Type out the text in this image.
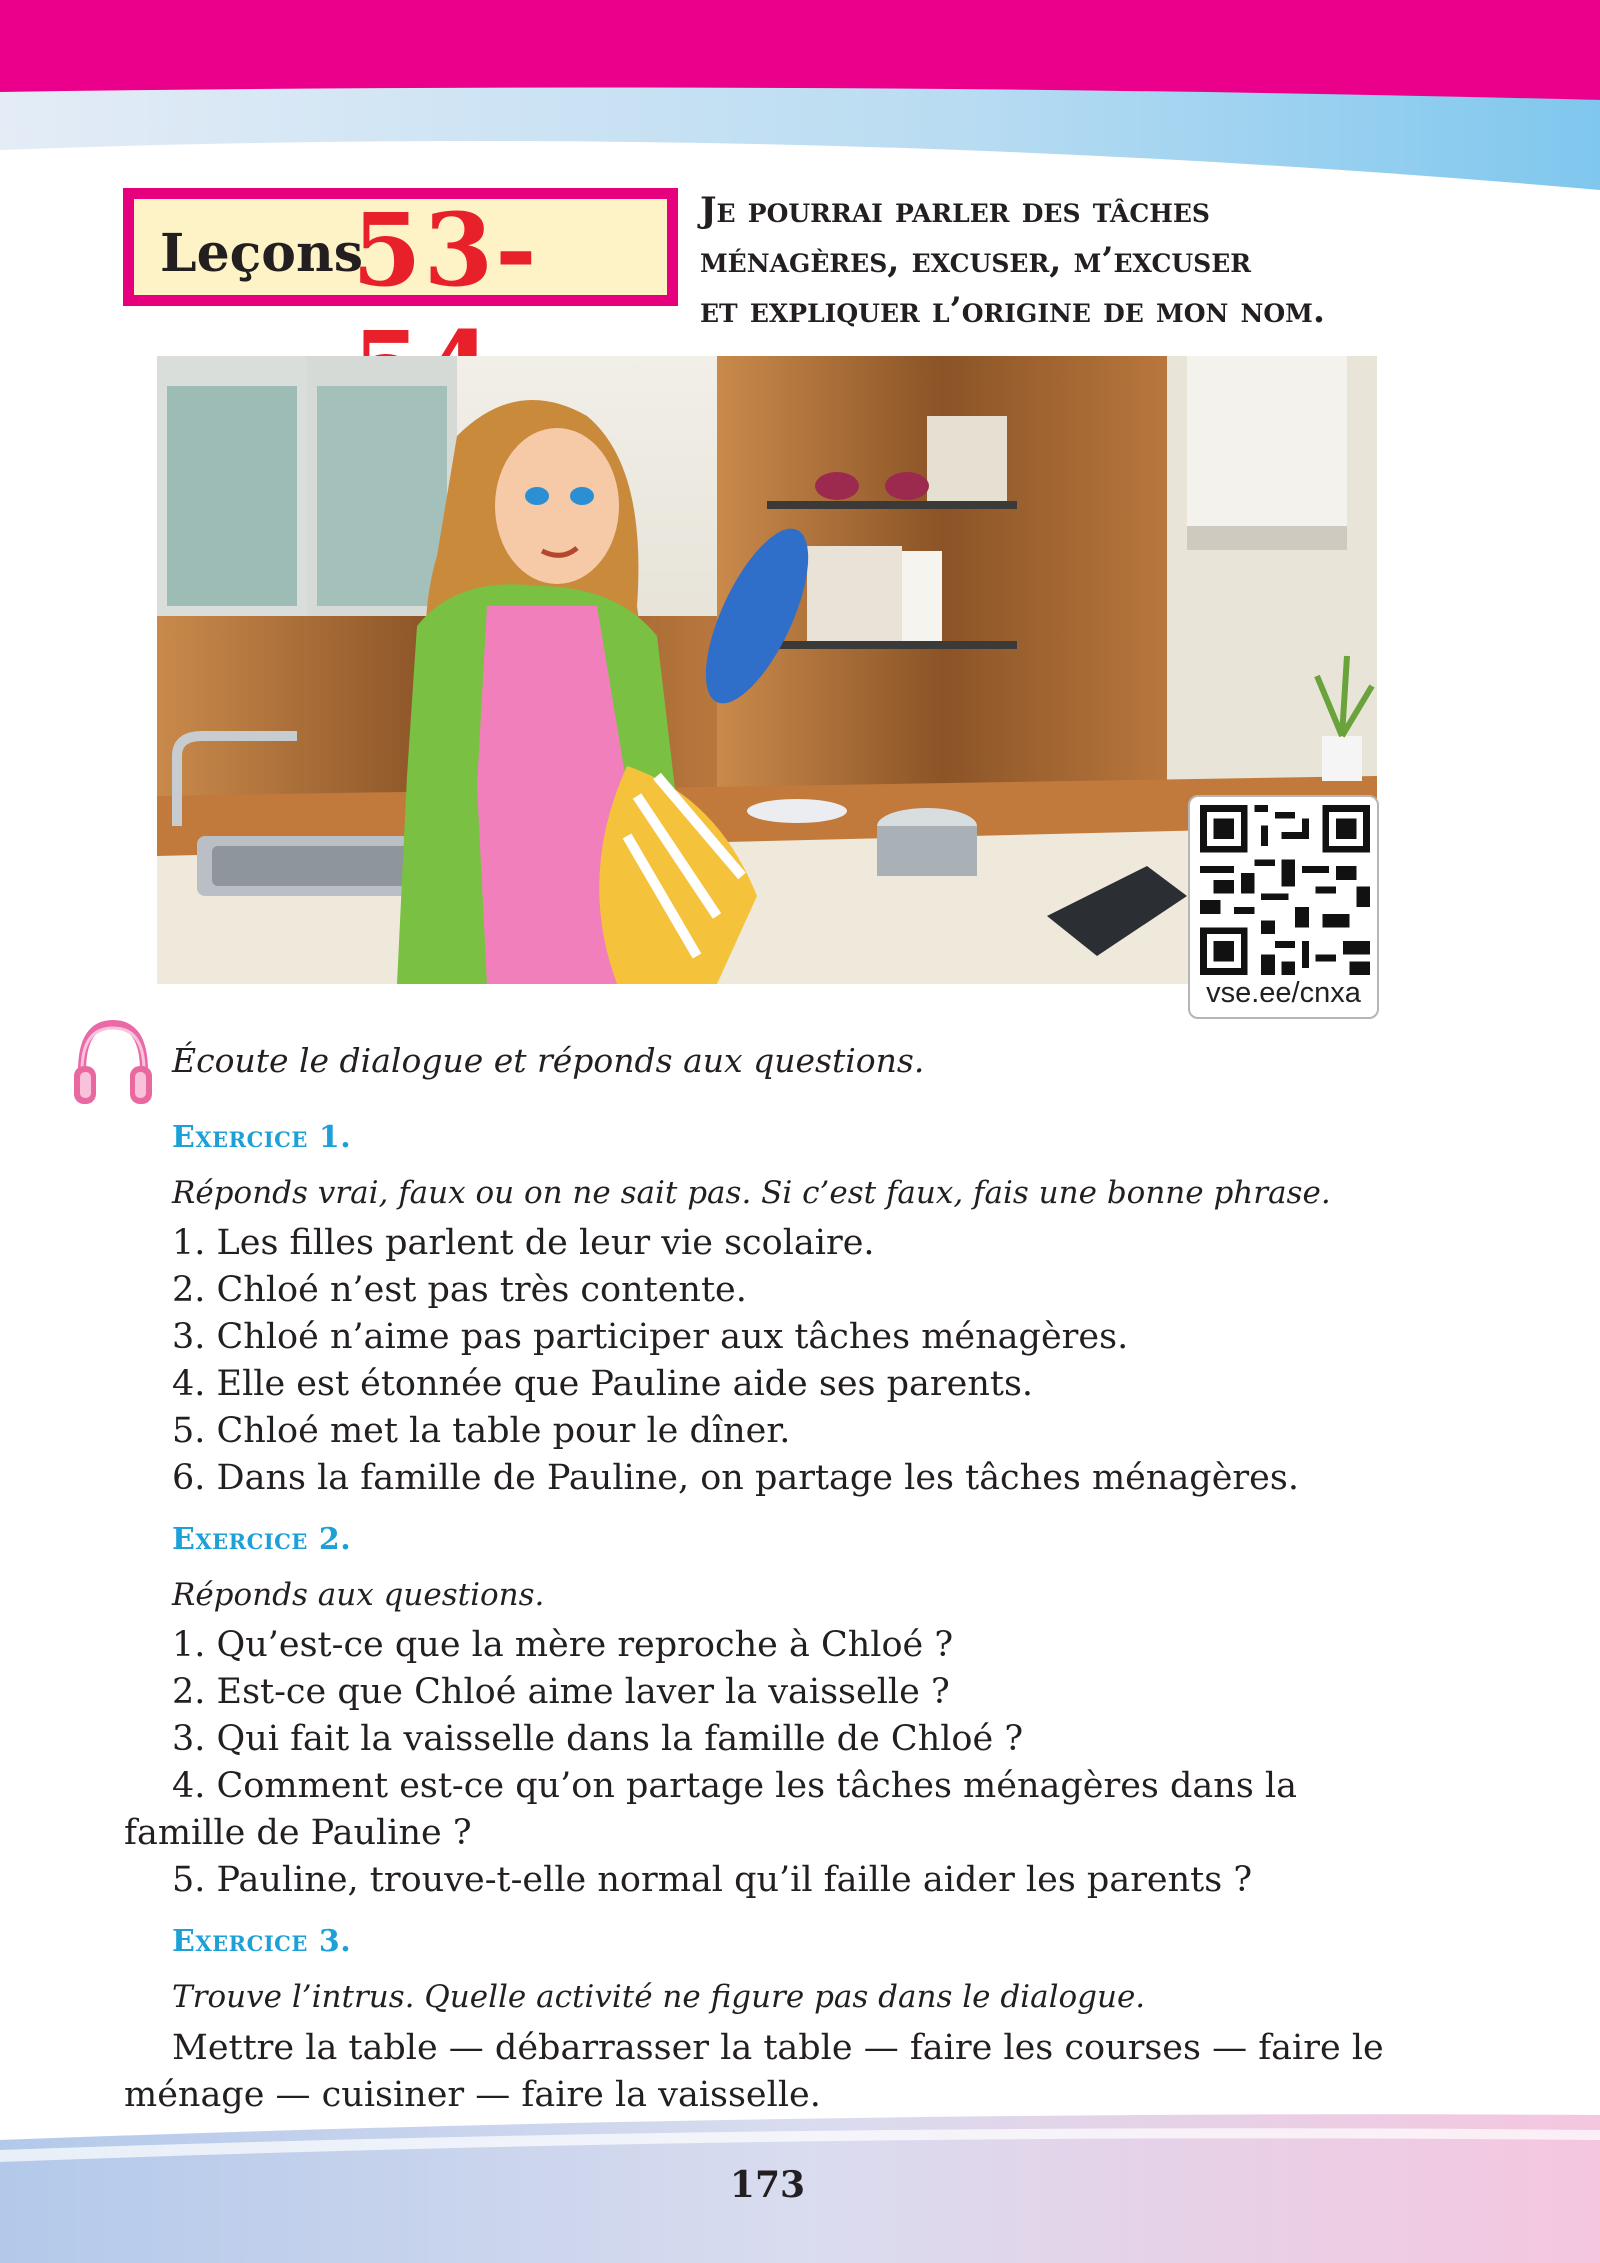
Leçons
53-	Je pourrai parler des tâches
ménagères, excuser, m’excuser
et expliquer l’origine de mon nom.
vse.ee/cnxa
Écoute le dialogue et réponds aux questions.
Exercice 1.
Réponds vrai, faux ou on ne sait pas. Si c’est faux, fais une bonne phrase.
1. Les filles parlent de leur vie scolaire.
2. Chloé n’est pas très contente.
3. Chloé n’aime pas participer aux tâches ménagères.
4. Elle est étonnée que Pauline aide ses parents.
5. Chloé met la table pour le dîner.
6. Dans la famille de Pauline, on partage les tâches ménagères.
Exercice 2.
Réponds aux questions.
1. Qu’est-ce que la mère reproche à Chloé ?
2. Est-ce que Chloé aime laver la vaisselle ?
3. Qui fait la vaisselle dans la famille de Chloé ?
4. Comment est-ce qu’on partage les tâches ménagères dans la famille de Pauline ?
5. Pauline, trouve-t-elle normal qu’il faille aider les parents ?
Exercice 3.
Trouve l’intrus. Quelle activité ne figure pas dans le dialogue.
Mettre la table — débarrasser la table — faire les courses — faire le ménage — cuisiner — faire la vaisselle.
173
